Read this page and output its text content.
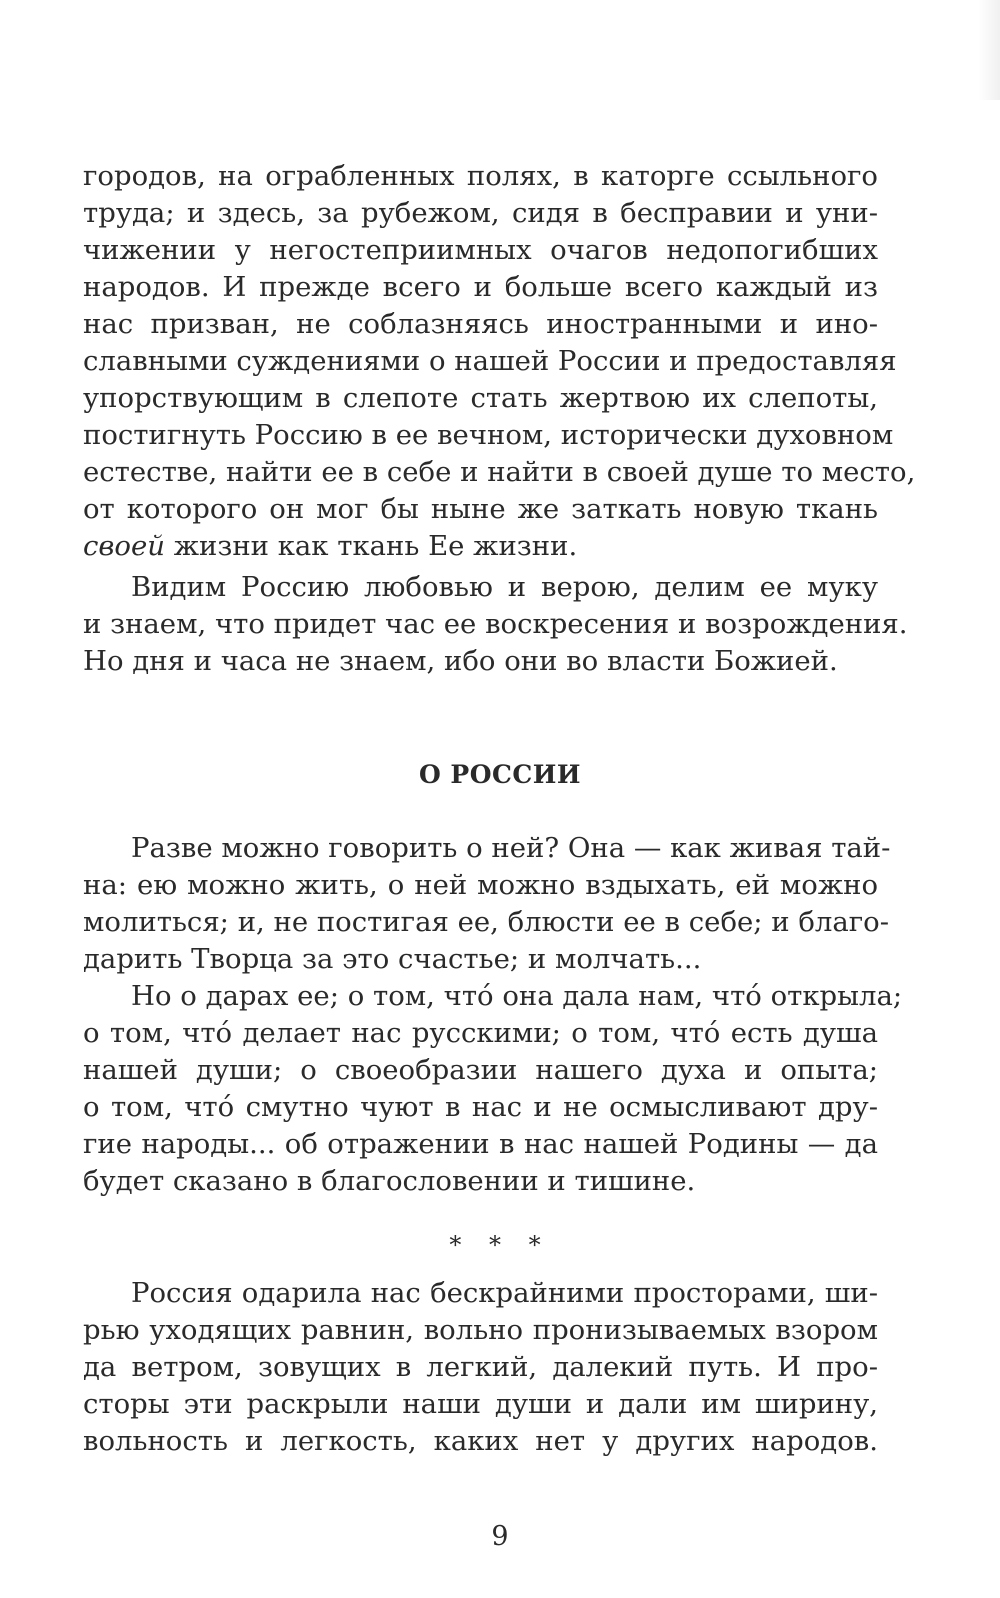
городов, на ограбленных полях, в каторге ссыльного
труда; и здесь, за рубежом, сидя в бесправии и уни-
чижении у негостеприимных очагов недопогибших
народов. И прежде всего и больше всего каждый из
нас призван, не соблазняясь иностранными и ино-
славными суждениями о нашей России и предоставляя
упорствующим в слепоте стать жертвою их слепоты,
постигнуть Россию в ее вечном, исторически духовном
естестве, найти ее в себе и найти в своей душе то место,
от которого он мог бы ныне же заткать новую ткань
своей жизни как ткань Ее жизни.
Видим Россию любовью и верою, делим ее муку
и знаем, что придет час ее воскресения и возрождения.
Но дня и часа не знаем, ибо они во власти Божией.
О РОССИИ
Разве можно говорить о ней? Она — как живая тай-
на: ею можно жить, о ней можно вздыхать, ей можно
молиться; и, не постигая ее, блюсти ее в себе; и благо-
дарить Творца за это счастье; и молчать...
Но о дарах ее; о том, что́ она дала нам, что́ открыла;
о том, что́ делает нас русскими; о том, что́ есть душа
нашей души; о своеобразии нашего духа и опыта;
о том, что́ смутно чуют в нас и не осмысливают дру-
гие народы... об отражении в нас нашей Родины — да
будет сказано в благословении и тишине.
* * *
Россия одарила нас бескрайними просторами, ши-
рью уходящих равнин, вольно пронизываемых взором
да ветром, зовущих в легкий, далекий путь. И про-
сторы эти раскрыли наши души и дали им ширину,
вольность и легкость, каких нет у других народов.
9
